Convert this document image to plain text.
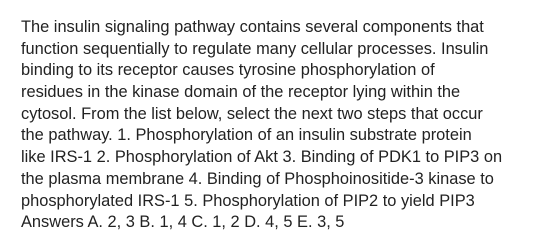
The insulin signaling pathway contains several components that
function sequentially to regulate many cellular processes. Insulin
binding to its receptor causes tyrosine phosphorylation of
residues in the kinase domain of the receptor lying within the
cytosol. From the list below, select the next two steps that occur
the pathway. 1. Phosphorylation of an insulin substrate protein
like IRS-1 2. Phosphorylation of Akt 3. Binding of PDK1 to PIP3 on
the plasma membrane 4. Binding of Phosphoinositide-3 kinase to
phosphorylated IRS-1 5. Phosphorylation of PIP2 to yield PIP3
Answers A. 2, 3 B. 1, 4 C. 1, 2 D. 4, 5 E. 3, 5
